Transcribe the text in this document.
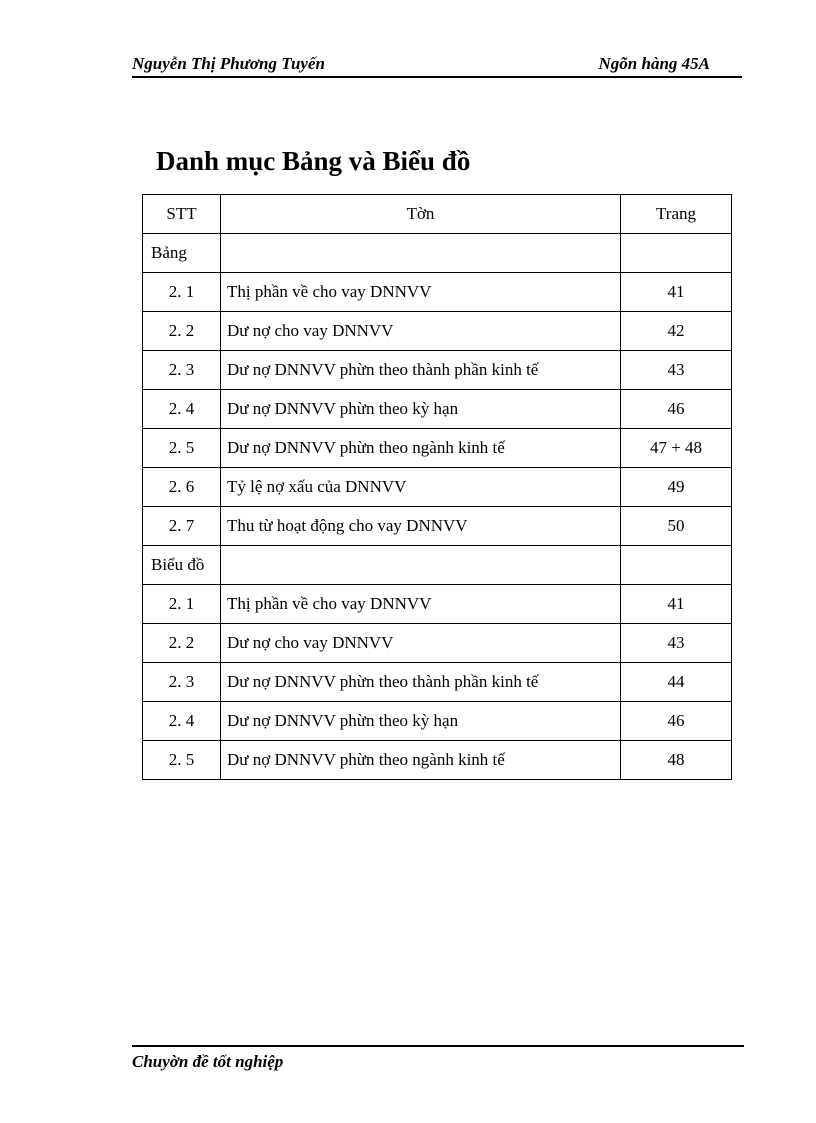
Nguyễn Thị Phương Tuyến	Ngõn hàng 45A
Danh mục Bảng và Biểu đồ
STT	Tờn	Trang
Bảng		
2. 1	Thị phần về cho vay DNNVV	41
2. 2	Dư nợ cho vay DNNVV	42
2. 3	Dư nợ DNNVV phừn theo thành phần kinh tế	43
2. 4	Dư nợ DNNVV phừn theo kỳ hạn	46
2. 5	Dư nợ DNNVV phừn theo ngành kinh tế	47 + 48
2. 6	Tỷ lệ nợ xấu của DNNVV	49
2. 7	Thu từ hoạt động cho vay DNNVV	50
Biểu đồ		
2. 1	Thị phần về cho vay DNNVV	41
2. 2	Dư nợ cho vay DNNVV	43
2. 3	Dư nợ DNNVV phừn theo thành phần kinh tế	44
2. 4	Dư nợ DNNVV phừn theo kỳ hạn	46
2. 5	Dư nợ DNNVV phừn theo ngành kinh tế	48
Chuyờn đề tốt nghiệp
